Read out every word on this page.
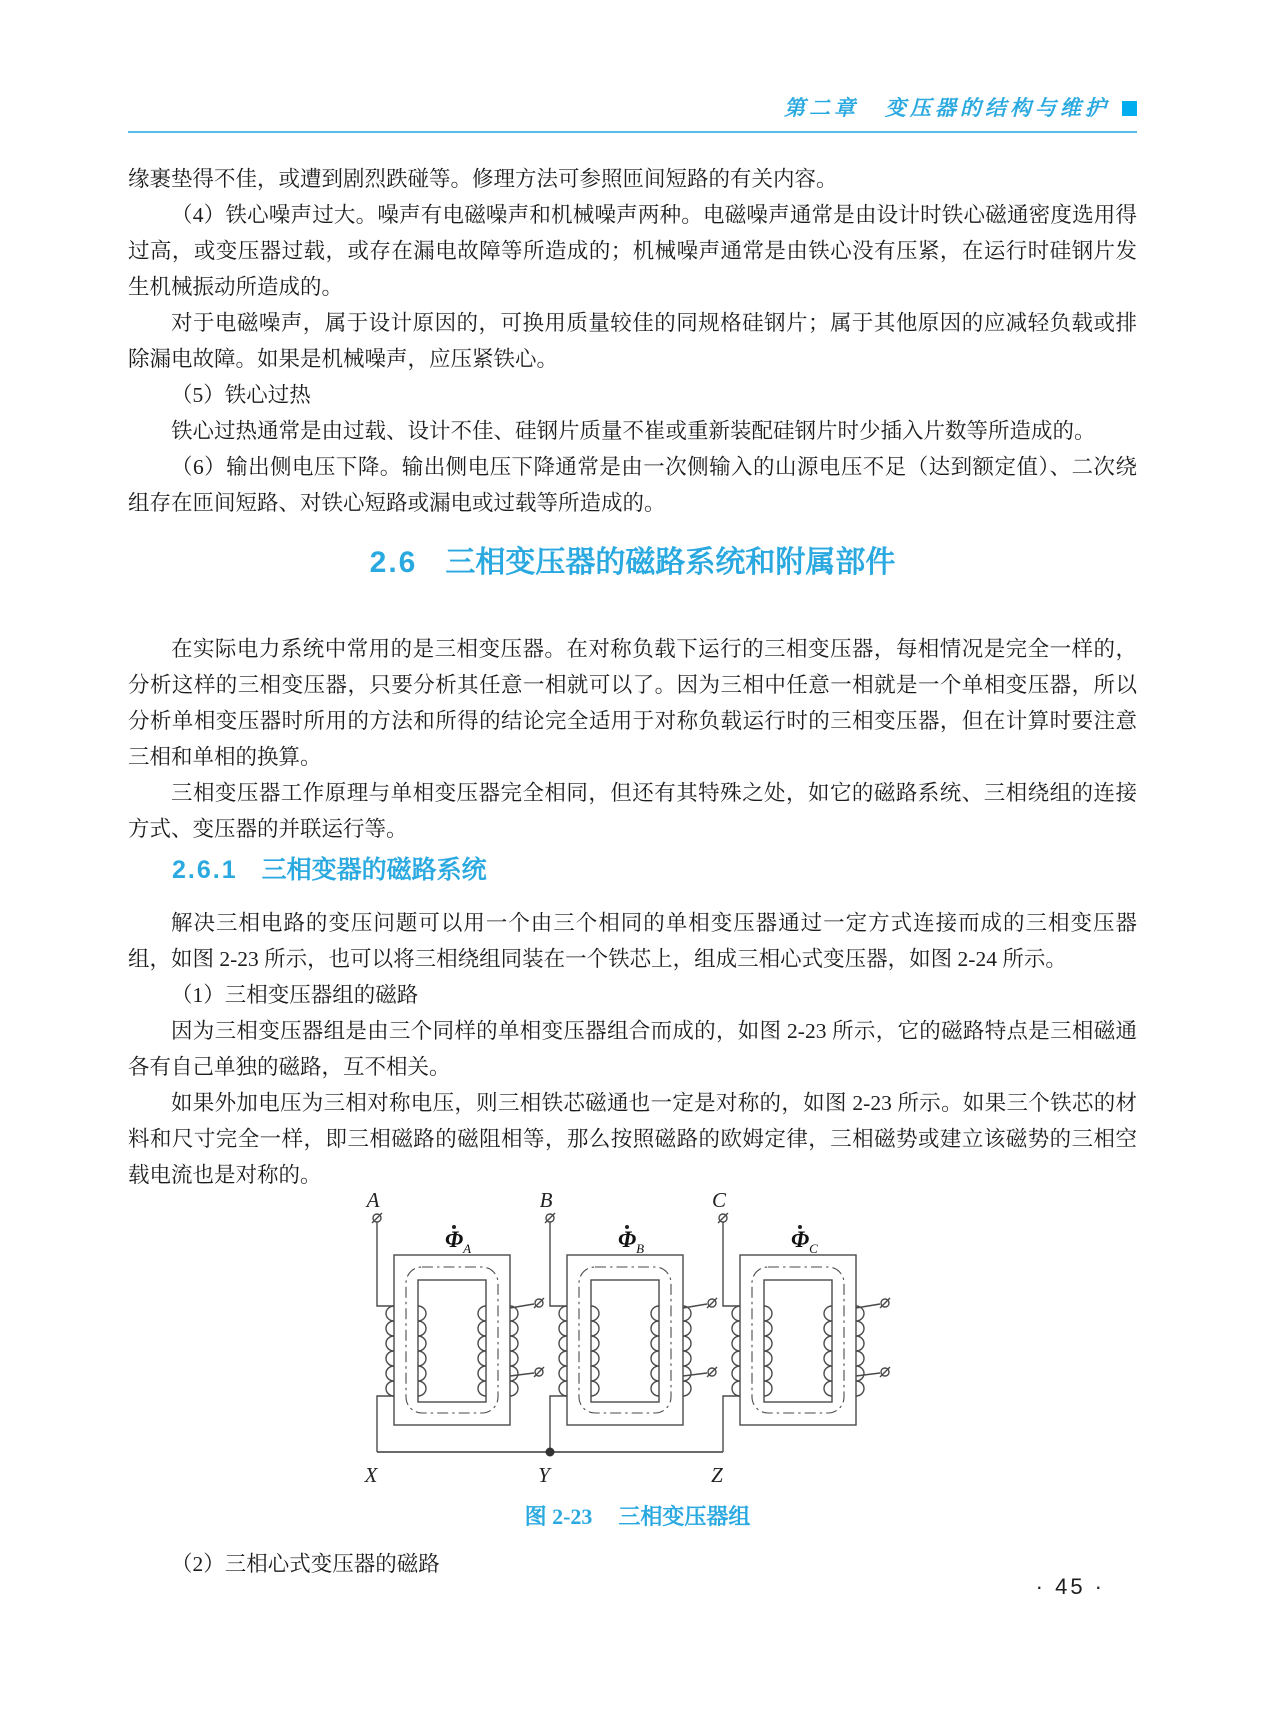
第二章 变压器的结构与维护

缘裹垫得不佳，或遭到剧烈跌碰等。修理方法可参照匝间短路的有关内容。

（4）铁心噪声过大。噪声有电磁噪声和机械噪声两种。电磁噪声通常是由设计时铁心磁通密度选用得过高，或变压器过载，或存在漏电故障等所造成的；机械噪声通常是由铁心没有压紧，在运行时硅钢片发生机械振动所造成的。

对于电磁噪声，属于设计原因的，可换用质量较佳的同规格硅钢片；属于其他原因的应减轻负载或排除漏电故障。如果是机械噪声，应压紧铁心。

（5）铁心过热

铁心过热通常是由过载、设计不佳、硅钢片质量不崔或重新装配硅钢片时少插入片数等所造成的。

（6）输出侧电压下降。输出侧电压下降通常是由一次侧输入的山源电压不足（达到额定值）、二次绕组存在匝间短路、对铁心短路或漏电或过载等所造成的。

2.6 三相变压器的磁路系统和附属部件

在实际电力系统中常用的是三相变压器。在对称负载下运行的三相变压器，每相情况是完全一样的，分析这样的三相变压器，只要分析其任意一相就可以了。因为三相中任意一相就是一个单相变压器，所以分析单相变压器时所用的方法和所得的结论完全适用于对称负载运行时的三相变压器，但在计算时要注意三相和单相的换算。

三相变压器工作原理与单相变压器完全相同，但还有其特殊之处，如它的磁路系统、三相绕组的连接方式、变压器的并联运行等。

2.6.1 三相变器的磁路系统

解决三相电路的变压问题可以用一个由三个相同的单相变压器通过一定方式连接而成的三相变压器组，如图 2-23 所示，也可以将三相绕组同装在一个铁芯上，组成三相心式变压器，如图 2-24 所示。

（1）三相变压器组的磁路

因为三相变压器组是由三个同样的单相变压器组合而成的，如图 2-23 所示，它的磁路特点是三相磁通各有自己单独的磁路，互不相关。

如果外加电压为三相对称电压，则三相铁芯磁通也一定是对称的，如图 2-23 所示。如果三个铁芯的材料和尺寸完全一样，即三相磁路的磁阻相等，那么按照磁路的欧姆定律，三相磁势或建立该磁势的三相空载电流也是对称的。

A
$\Phi_A$
X
B
$\Phi_B$
Y
C
$\Phi_C$
Z
图 2-23 三相变压器组

（2）三相心式变压器的磁路

· 45 ·
